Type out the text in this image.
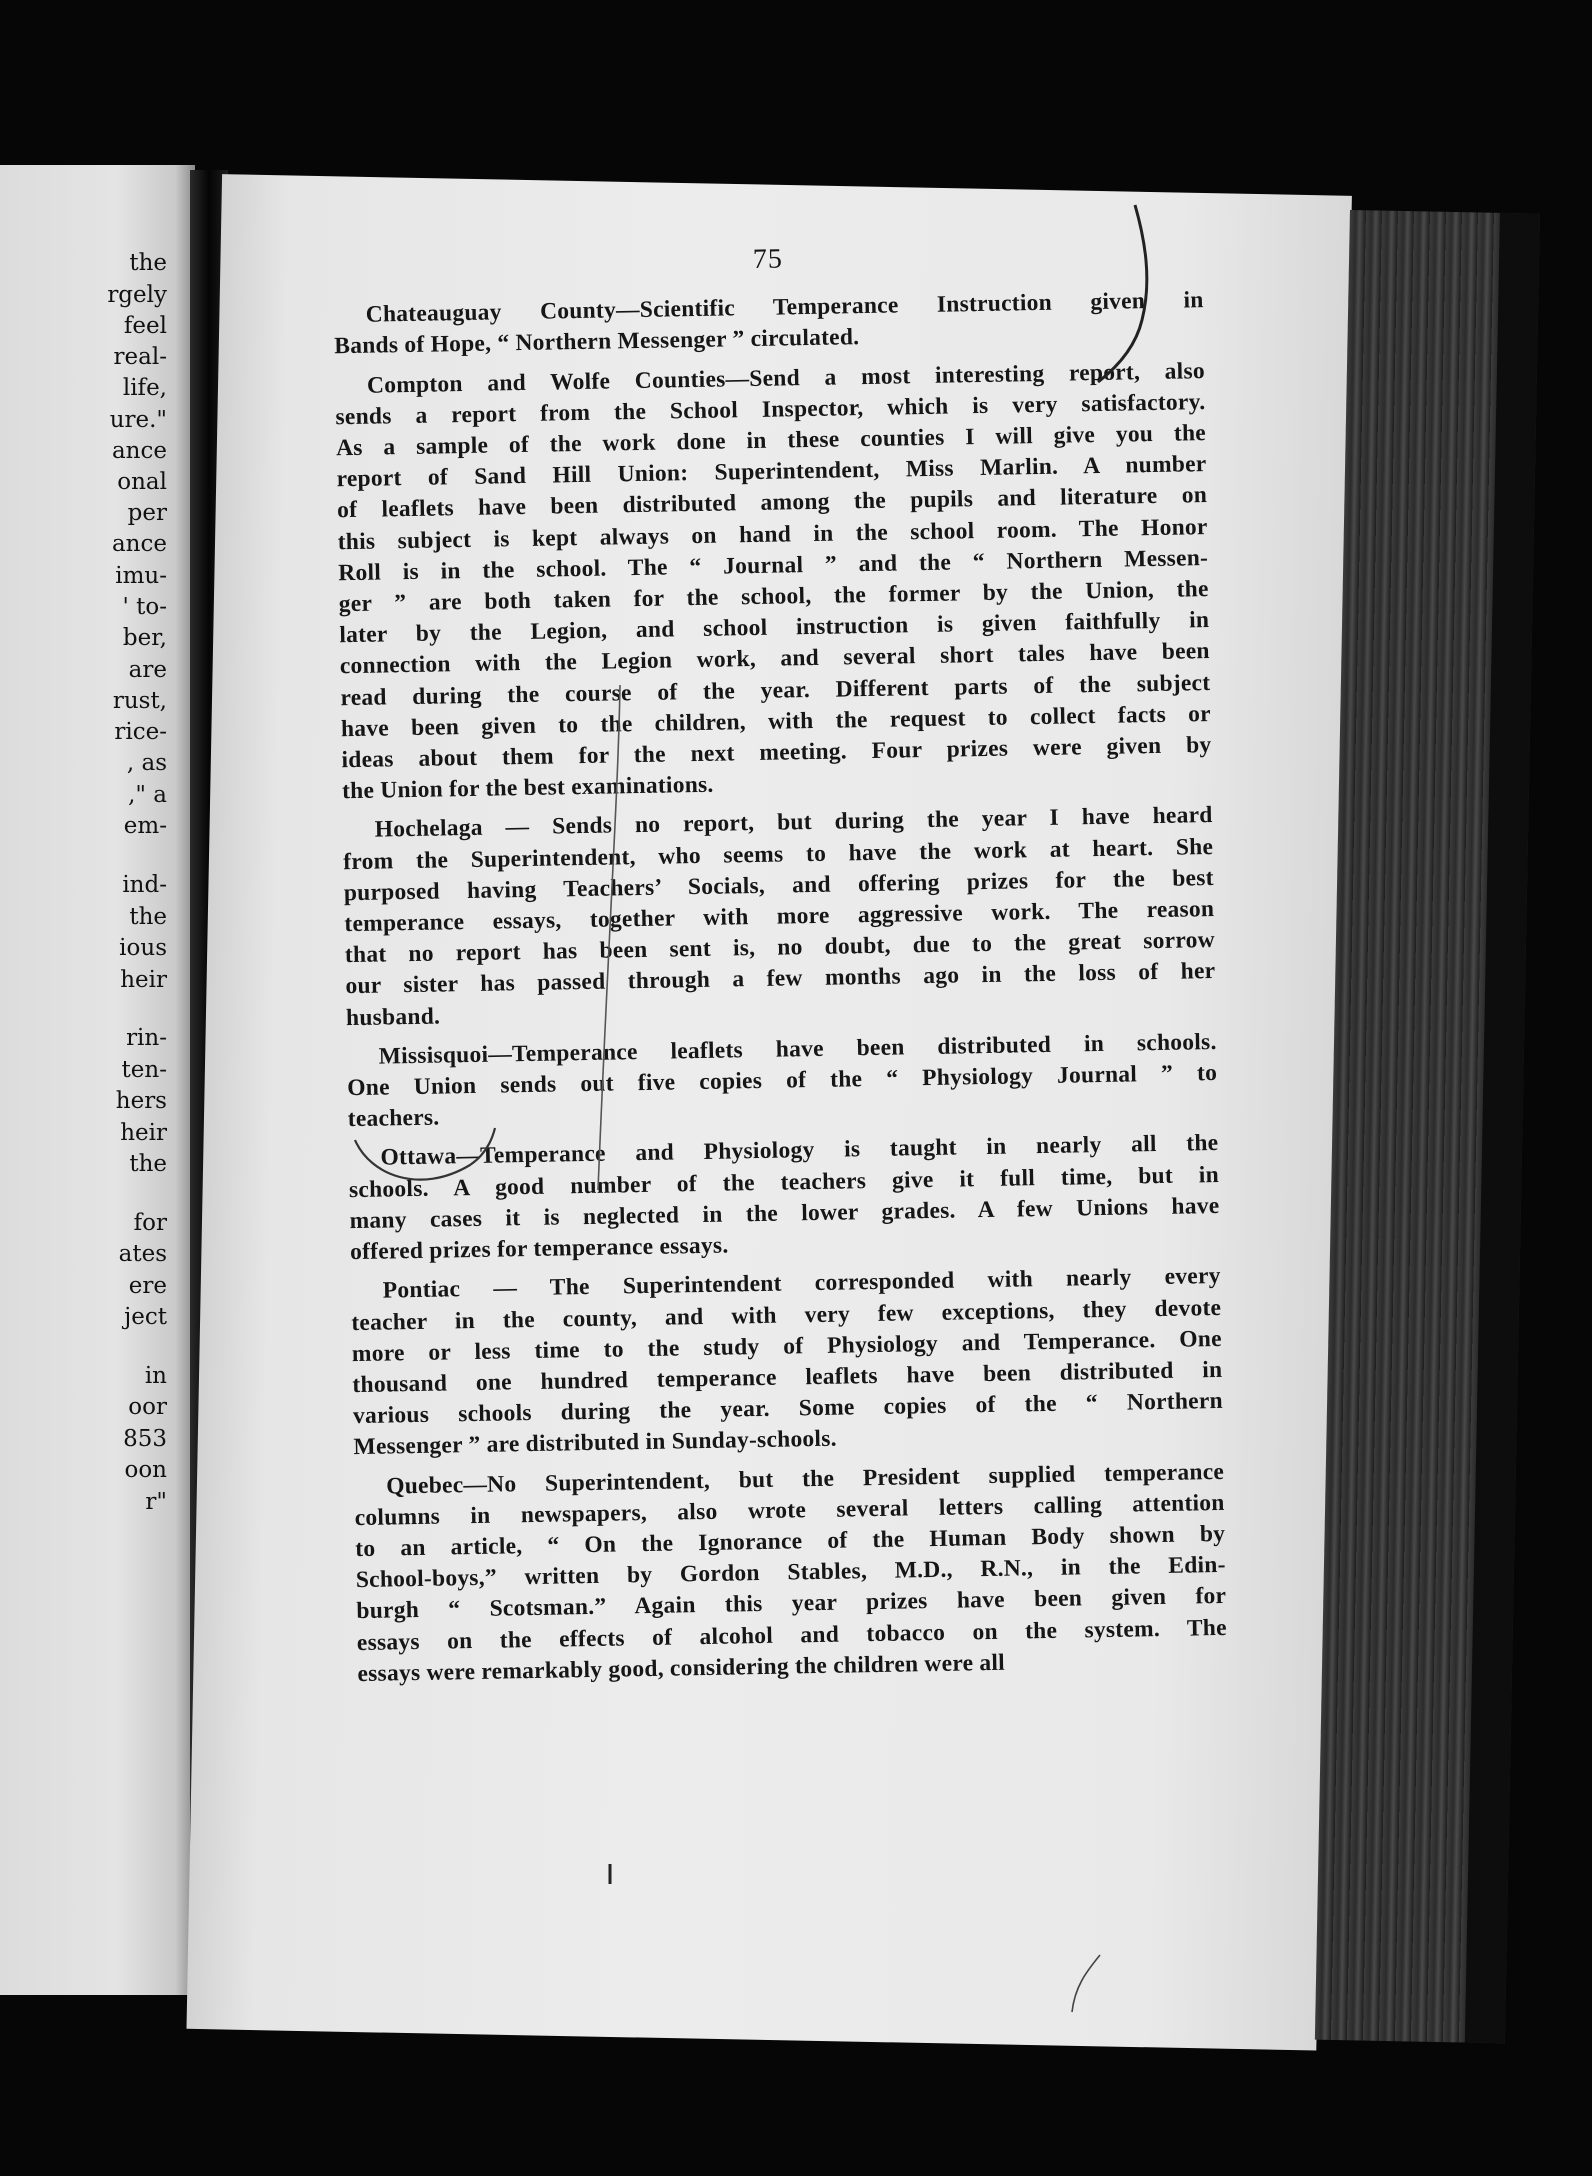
the
rgely
feel
real-
life,
ure."
ance
onal
per
ance
imu-
' to-
ber,
are
rust,
rice-
, as
," a
em-
ind-
the
ious
heir
rin-
ten-
hers
heir
the
for
ates
ere
ject
in
oor
853
oon
r"
75
Chateauguay County—Scientific Temperance Instruction given in
Bands of Hope, “ Northern Messenger ” circulated.
Compton and Wolfe Counties—Send a most interesting report, also
sends a report from the School Inspector, which is very satisfactory.
As a sample of the work done in these counties I will give you the
report of Sand Hill Union: Superintendent, Miss Marlin. A number
of leaflets have been distributed among the pupils and literature on
this subject is kept always on hand in the school room. The Honor
Roll is in the school. The “ Journal ” and the “ Northern Messen-
ger ” are both taken for the school, the former by the Union, the
later by the Legion, and school instruction is given faithfully in
connection with the Legion work, and several short tales have been
read during the course of the year. Different parts of the subject
have been given to the children, with the request to collect facts or
ideas about them for the next meeting. Four prizes were given by
the Union for the best examinations.
Hochelaga — Sends no report, but during the year I have heard
from the Superintendent, who seems to have the work at heart. She
purposed having Teachers’ Socials, and offering prizes for the best
temperance essays, together with more aggressive work. The reason
that no report has been sent is, no doubt, due to the great sorrow
our sister has passed through a few months ago in the loss of her
husband.
Missisquoi—Temperance leaflets have been distributed in schools.
One Union sends out five copies of the “ Physiology Journal ” to
teachers.
Ottawa—Temperance and Physiology is taught in nearly all the
schools. A good number of the teachers give it full time, but in
many cases it is neglected in the lower grades. A few Unions have
offered prizes for temperance essays.
Pontiac — The Superintendent corresponded with nearly every
teacher in the county, and with very few exceptions, they devote
more or less time to the study of Physiology and Temperance. One
thousand one hundred temperance leaflets have been distributed in
various schools during the year. Some copies of the “ Northern
Messenger ” are distributed in Sunday-schools.
Quebec—No Superintendent, but the President supplied temperance
columns in newspapers, also wrote several letters calling attention
to an article, “ On the Ignorance of the Human Body shown by
School-boys,” written by Gordon Stables, M.D., R.N., in the Edin-
burgh “ Scotsman.” Again this year prizes have been given for
essays on the effects of alcohol and tobacco on the system. The
essays were remarkably good, considering the children were all
